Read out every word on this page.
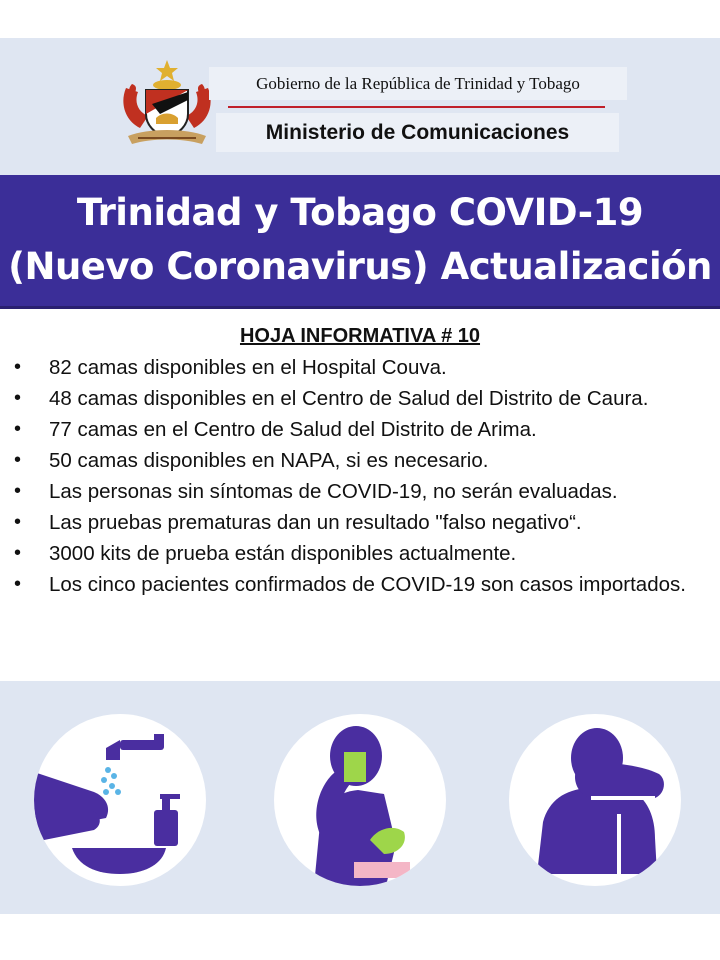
Gobierno de la República de Trinidad y Tobago
Ministerio de Comunicaciones
Trinidad y Tobago COVID-19
(Nuevo Coronavirus) Actualización
HOJA INFORMATIVA # 10
• 82 camas disponibles en el Hospital Couva.
• 48 camas disponibles en el Centro de Salud del Distrito de Caura.
• 77 camas en el Centro de Salud del Distrito de Arima.
• 50 camas disponibles en NAPA, si es necesario.
• Las personas sin síntomas de COVID-19, no serán evaluadas.
• Las pruebas prematuras dan un resultado "falso negativo“.
• 3000 kits de prueba están disponibles actualmente.
• Los cinco pacientes confirmados de COVID-19 son casos importados.
